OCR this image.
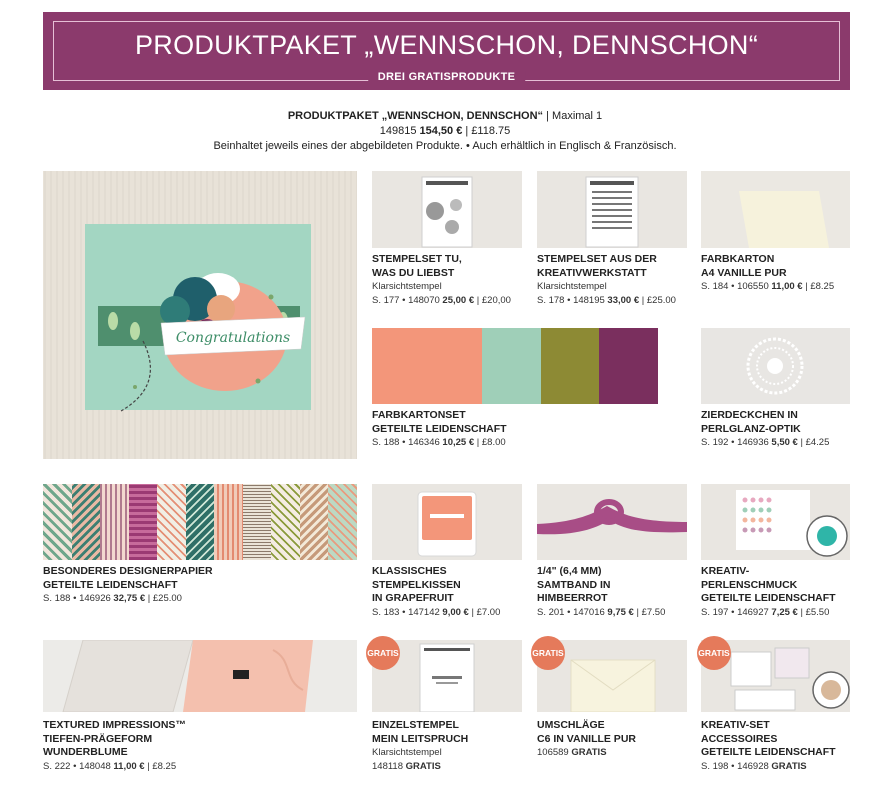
PRODUKTPAKET „WENNSCHON, DENNSCHON“
DREI GRATISPRODUKTE
PRODUKTPAKET „WENNSCHON, DENNSCHON“ | Maximal 1
149815 154,50 € | £118.75
Beinhaltet jeweils eines der abgebildeten Produkte. • Auch erhältlich in Englisch & Französisch.
Congratulations
STEMPELSET TU,
WAS DU LIEBST
Klarsichtstempel
S. 177 • 148070 25,00 € | £20,00
STEMPELSET AUS DER
KREATIVWERKSTATT
Klarsichtstempel
S. 178 • 148195 33,00 € | £25.00
FARBKARTON
A4 VANILLE PUR
S. 184 • 106550 11,00 € | £8.25
FARBKARTONSET
GETEILTE LEIDENSCHAFT
S. 188 • 146346 10,25 € | £8.00
ZIERDECKCHEN IN
PERLGLANZ-OPTIK
S. 192 • 146936 5,50 € | £4.25
BESONDERES DESIGNERPAPIER
GETEILTE LEIDENSCHAFT
S. 188 • 146926 32,75 € | £25.00
KLASSISCHES
STEMPELKISSEN
IN GRAPEFRUIT
S. 183 • 147142 9,00 € | £7.00
1/4" (6,4 MM)
SAMTBAND IN
HIMBEERROT
S. 201 • 147016 9,75 € | £7.50
KREATIV-
PERLENSCHMUCK
GETEILTE LEIDENSCHAFT
S. 197 • 146927 7,25 € | £5.50
GRATIS	GRATIS	GRATIS
TEXTURED IMPRESSIONS™
TIEFEN-PRÄGEFORM
WUNDERBLUME
S. 222 • 148048 11,00 € | £8.25
EINZELSTEMPEL
MEIN LEITSPRUCH
Klarsichtstempel
148118 GRATIS
UMSCHLÄGE
C6 IN VANILLE PUR
106589 GRATIS
KREATIV-SET
ACCESSOIRES
GETEILTE LEIDENSCHAFT
S. 198 • 146928 GRATIS
